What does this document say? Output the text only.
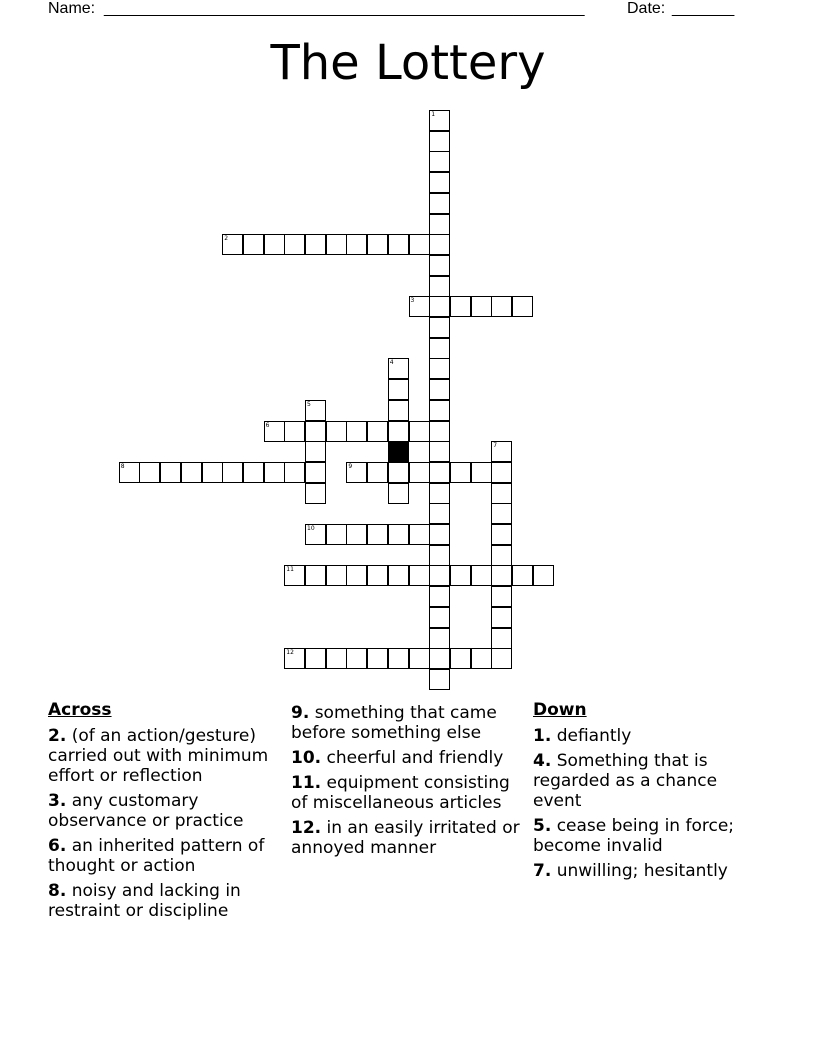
Name: ______________________________________________________	Date: _______
The Lottery
1
2
3
4
5
6
7
8	9
10
11
12
Across
2. (of an action/gesture) carried out with minimum effort or reflection
3. any customary observance or practice
6. an inherited pattern of thought or action
8. noisy and lacking in restraint or discipline
9. something that came before something else
10. cheerful and friendly
11. equipment consisting of miscellaneous articles
12. in an easily irritated or annoyed manner
Down
1. defiantly
4. Something that is regarded as a chance event
5. cease being in force; become invalid
7. unwilling; hesitantly
